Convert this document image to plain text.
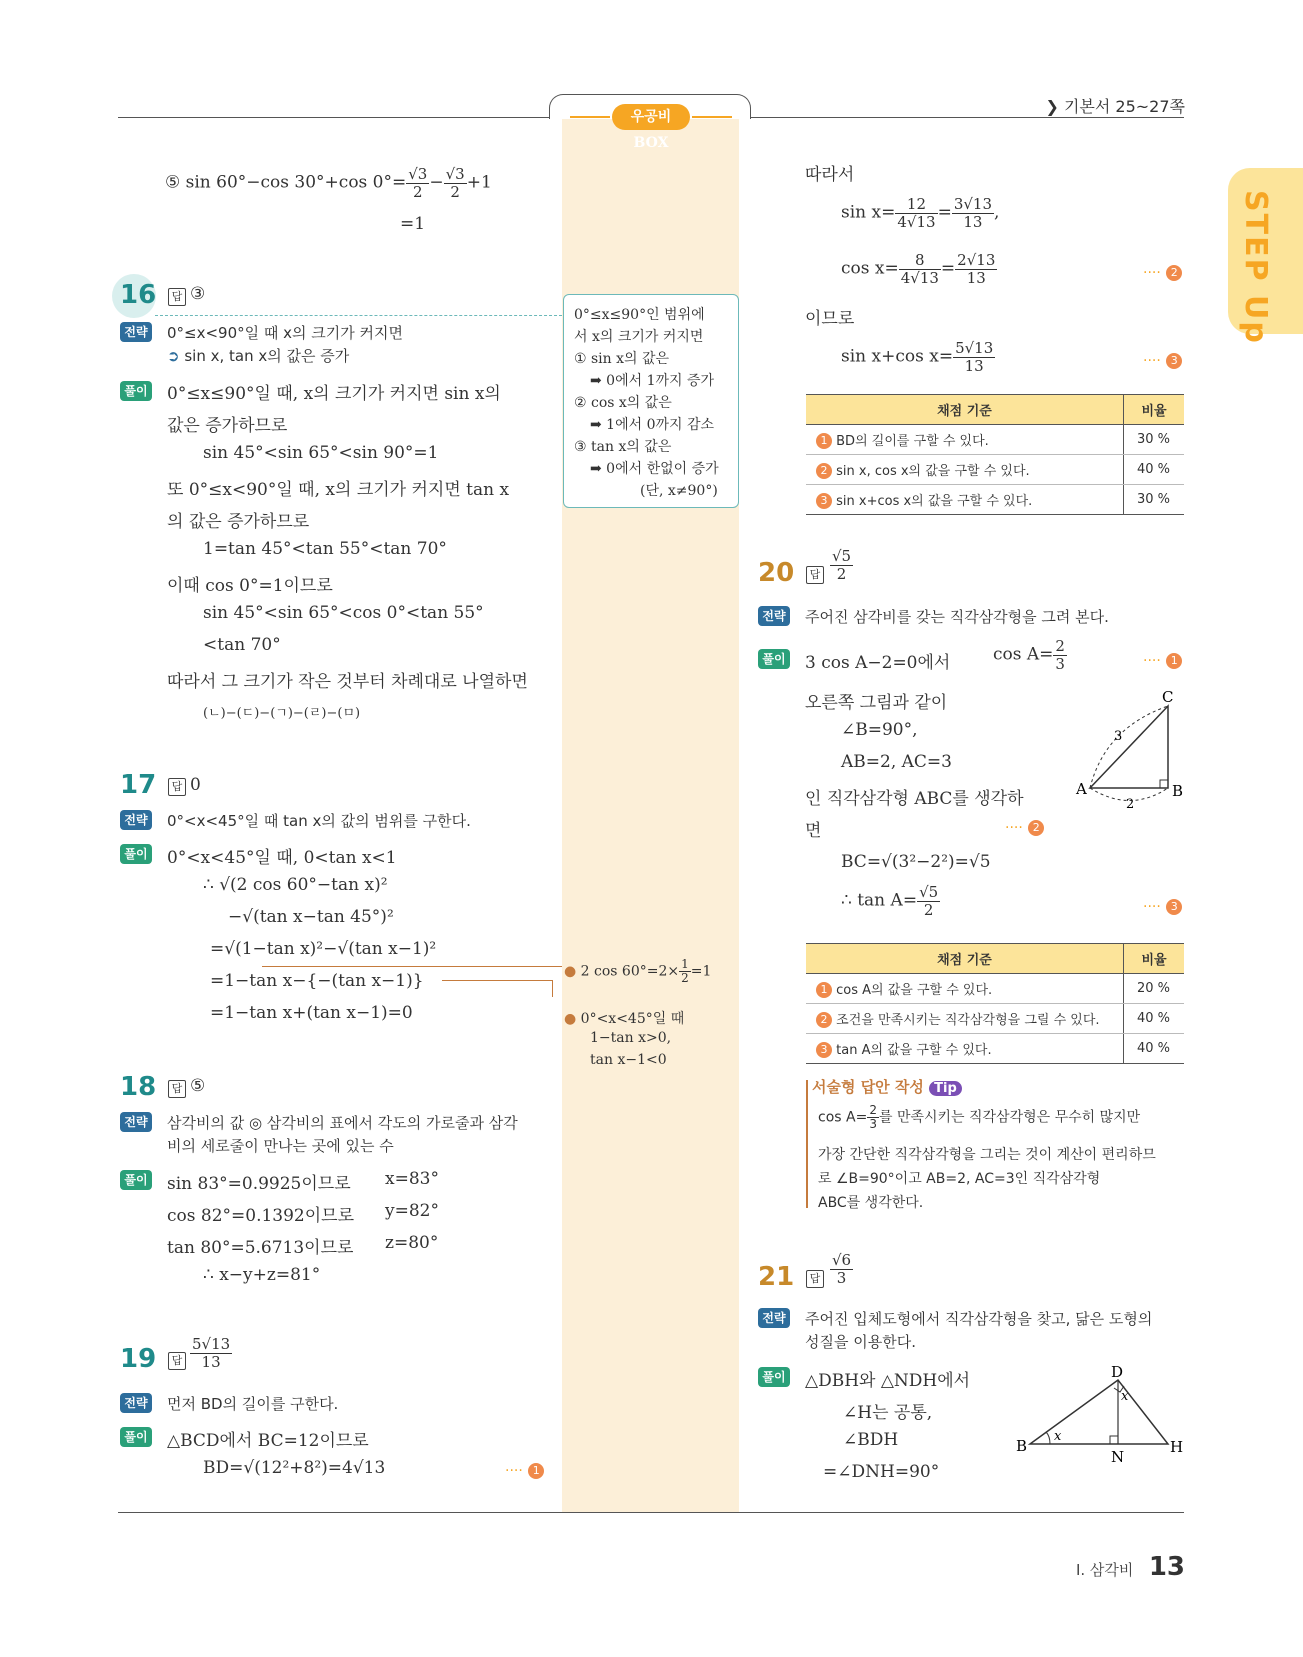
우공비 BOX
❯ 기본서 25~27쪽
STEP Up
⑤ sin 60°−cos 30°+cos $0^\circ= \frac{√3}{2} - \frac{√3}{2} +1$
=1
16	답 ③
전략 0°≤x<90°일 때 x의 크기가 커지면
➲ sin x, tan x의 값은 증가
풀이 0°≤x≤90°일 때, x의 크기가 커지면 sin x의
값은 증가하므로
sin 45°<sin 65°<sin 90°=1
또 0°≤x<90°일 때, x의 크기가 커지면 tan x
의 값은 증가하므로
1=tan 45°<tan 55°<tan 70°
이때 cos 0°=1이므로
sin 45°<sin 65°<cos 0°<tan 55°
<tan 70°
따라서 그 크기가 작은 것부터 차례대로 나열하면
(ㄴ)−(ㄷ)−(ㄱ)−(ㄹ)−(ㅁ)
0°≤x≤90°인 범위에
서 x의 크기가 커지면
① sin x의 값은
➡ 0에서 1까지 증가
② cos x의 값은
➡ 1에서 0까지 감소
③ tan x의 값은
➡ 0에서 한없이 증가
(단, x≠90°)
17	답 0
전략 0°<x<45°일 때 tan x의 값의 범위를 구한다.
풀이 0°<x<45°일 때, 0<tan x<1
∴ √(2 cos 60°−tan x)²
−√(tan x−tan 45°)²
=√(1−tan x)²−√(tan x−1)²
=1−tan x−{−(tan x−1)}
=1−tan x+(tan x−1)=0
● 2 $\cos 60^\circ=2\times \frac{1}{2} =1$
● 0°<x<45°일 때
1−tan x>0,
tan x−1<0
18	답 ⑤
전략 삼각비의 값 ◎ 삼각비의 표에서 각도의 가로줄과 삼각
비의 세로줄이 만나는 곳에 있는 수
풀이 sin 83°=0.9925이므로 x=83°
cos 82°=0.1392이므로 y=82°
tan 80°=5.6713이므로 z=80°
∴ x−y+z=81°
19	답 $\frac{5√13}{13}$
전략 먼저 BD의 길이를 구한다.
풀이 △BCD에서 BC=12이므로
BD=√(12²+8²)=4√13	···· 1
따라서
$\sin x= \frac{12}{4√13} = \frac{3√13}{13}$ ,
$\cos x= \frac{8}{4√13} = \frac{2√13}{13}$	···· 2
이므로
sin x+cos $x= \frac{5√13}{13}$	···· 3
채점 기준	비율
1 BD의 길이를 구할 수 있다.	30 %
2 sin x, cos x의 값을 구할 수 있다.	40 %
3 sin x+cos x의 값을 구할 수 있다.	30 %
20	답 $\frac{√5}{2}$
전략 주어진 삼각비를 갖는 직각삼각형을 그려 본다.
풀이 3 cos A−2=0에서	$\cos A= \frac{2}{3}$	···· 1
오른쪽 그림과 같이
∠B=90°,
AB=2, AC=3
인 직각삼각형 ABC를 생각하
면	···· 2
BC=√(3²−2²)=√5
∴ $\tan A= \frac{√5}{2}$	···· 3
A	B
C
3
2
채점 기준	비율
1 cos A의 값을 구할 수 있다.	20 %
2 조건을 만족시키는 직각삼각형을 그릴 수 있다.	40 %
3 tan A의 값을 구할 수 있다.	40 %
서술형 답안 작성 Tip
$\cos A= \frac{2}{3}$ 를 만족시키는 직각삼각형은 무수히 많지만
가장 간단한 직각삼각형을 그리는 것이 계산이 편리하므
로 ∠B=90°이고 AB=2, AC=3인 직각삼각형
ABC를 생각한다.
21	답 $\frac{√6}{3}$
전략 주어진 입체도형에서 직각삼각형을 찾고, 닮은 도형의
성질을 이용한다.
풀이 △DBH와 △NDH에서
∠H는 공통,
∠BDH
=∠DNH=90°
B
D
H
N
x
x
I. 삼각비 13
